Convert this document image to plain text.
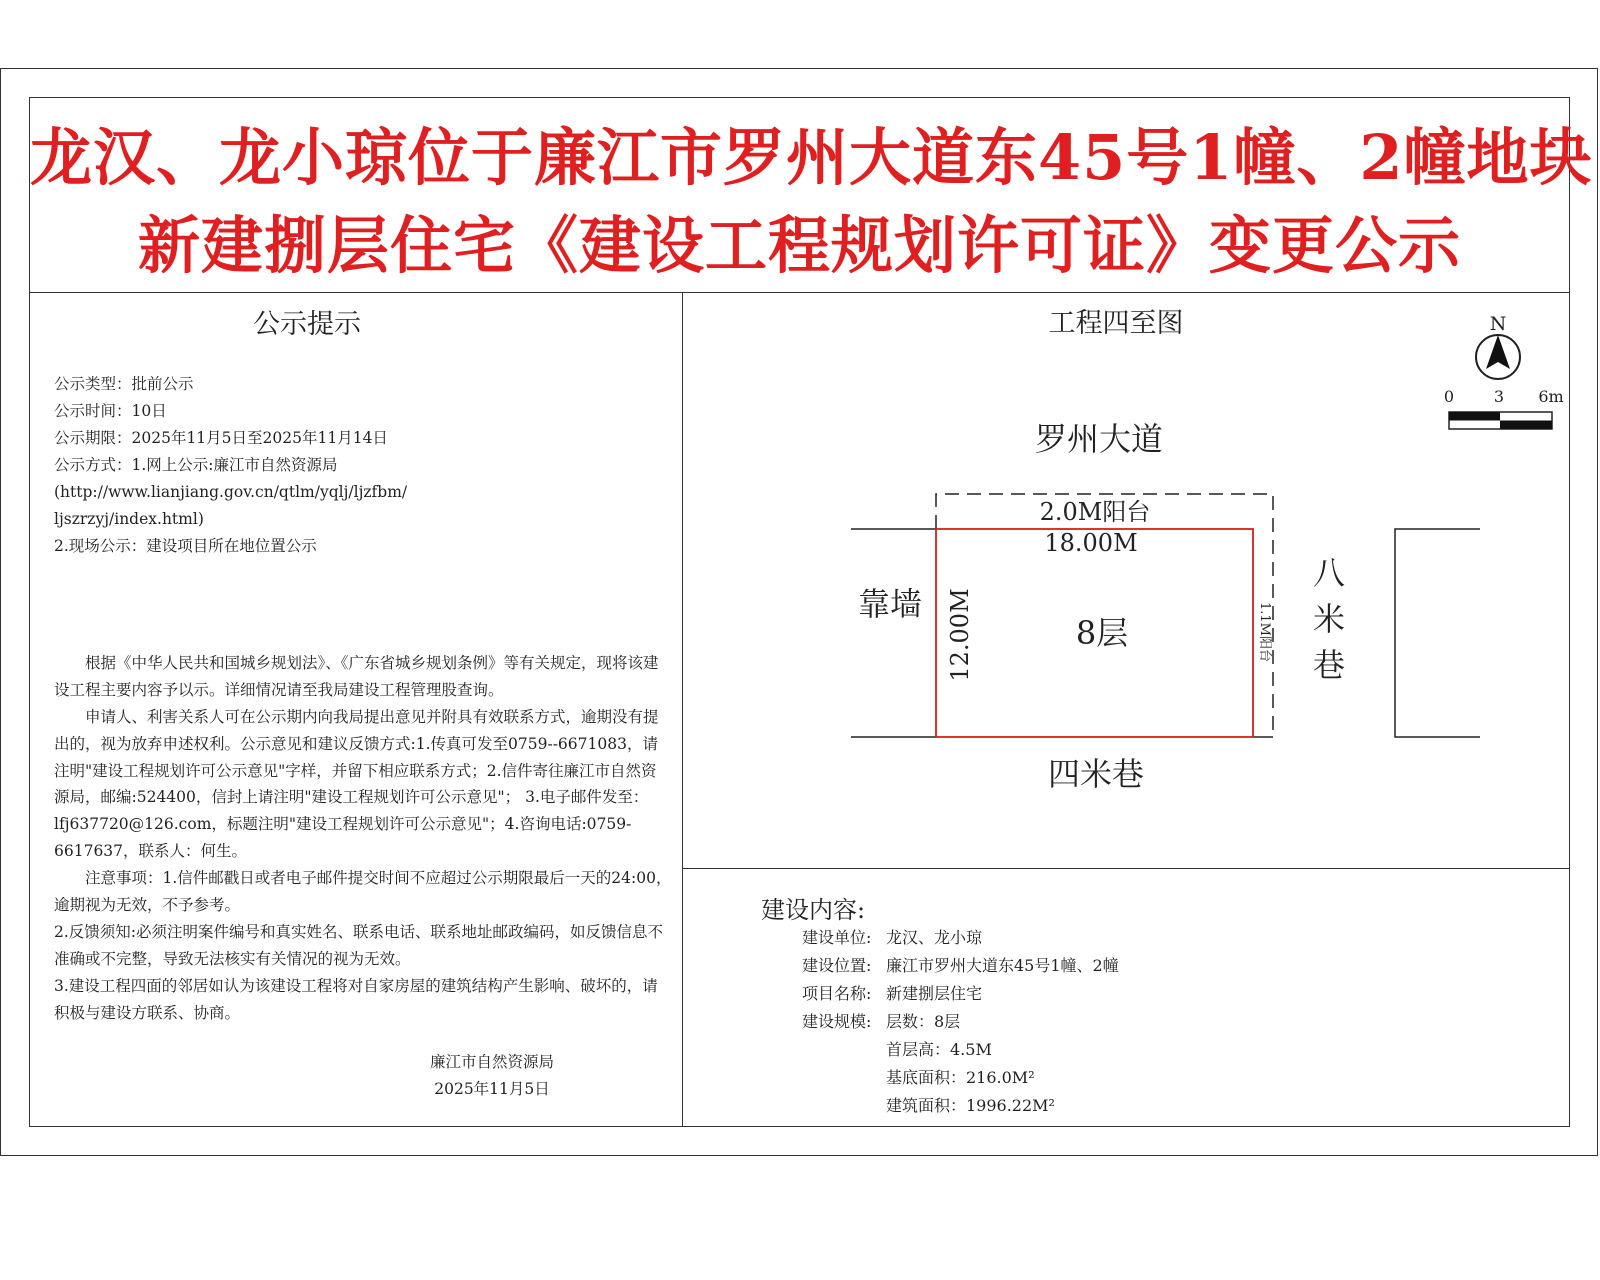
龙汉、龙小琼位于廉江市罗州大道东45号1幢、2幢地块
新建捌层住宅《建设工程规划许可证》变更公示
公示提示
公示类型：批前公示
公示时间：10日
公示期限：2025年11月5日至2025年11月14日
公示方式：1.网上公示:廉江市自然资源局
(http://www.lianjiang.gov.cn/qtlm/yqlj/ljzfbm/
ljszrzyj/index.html)
2.现场公示：建设项目所在地位置公示
根据《中华人民共和国城乡规划法》、《广东省城乡规划条例》等有关规定，现将该建设工程主要内容予以示。详细情况请至我局建设工程管理股查询。
申请人、利害关系人可在公示期内向我局提出意见并附具有效联系方式，逾期没有提出的，视为放弃申述权利。公示意见和建议反馈方式:1.传真可发至0759--6671083，请注明"建设工程规划许可公示意见"字样，并留下相应联系方式；2.信件寄往廉江市自然资源局，邮编:524400，信封上请注明"建设工程规划许可公示意见"； 3.电子邮件发至：lfj637720@126.com，标题注明"建设工程规划许可公示意见"；4.咨询电话:0759-6617637，联系人：何生。
注意事项：1.信件邮戳日或者电子邮件提交时间不应超过公示期限最后一天的24:00，逾期视为无效，不予参考。
2.反馈须知:必须注明案件编号和真实姓名、联系电话、联系地址邮政编码，如反馈信息不准确或不完整，导致无法核实有关情况的视为无效。
3.建设工程四面的邻居如认为该建设工程将对自家房屋的建筑结构产生影响、破坏的，请积极与建设方联系、协商。
廉江市自然资源局
2025年11月5日
工程四至图	N
0 3 6m
罗州大道
四米巷
靠墙
八
米
巷
2.0M阳台
18.00M
8层
12.00M	1.1M阳台
建设内容:
建设单位: 龙汉、龙小琼
建设位置: 廉江市罗州大道东45号1幢、2幢
项目名称: 新建捌层住宅
建设规模: 层数：8层
首层高：4.5M
基底面积：216.0M²
建筑面积：1996.22M²
